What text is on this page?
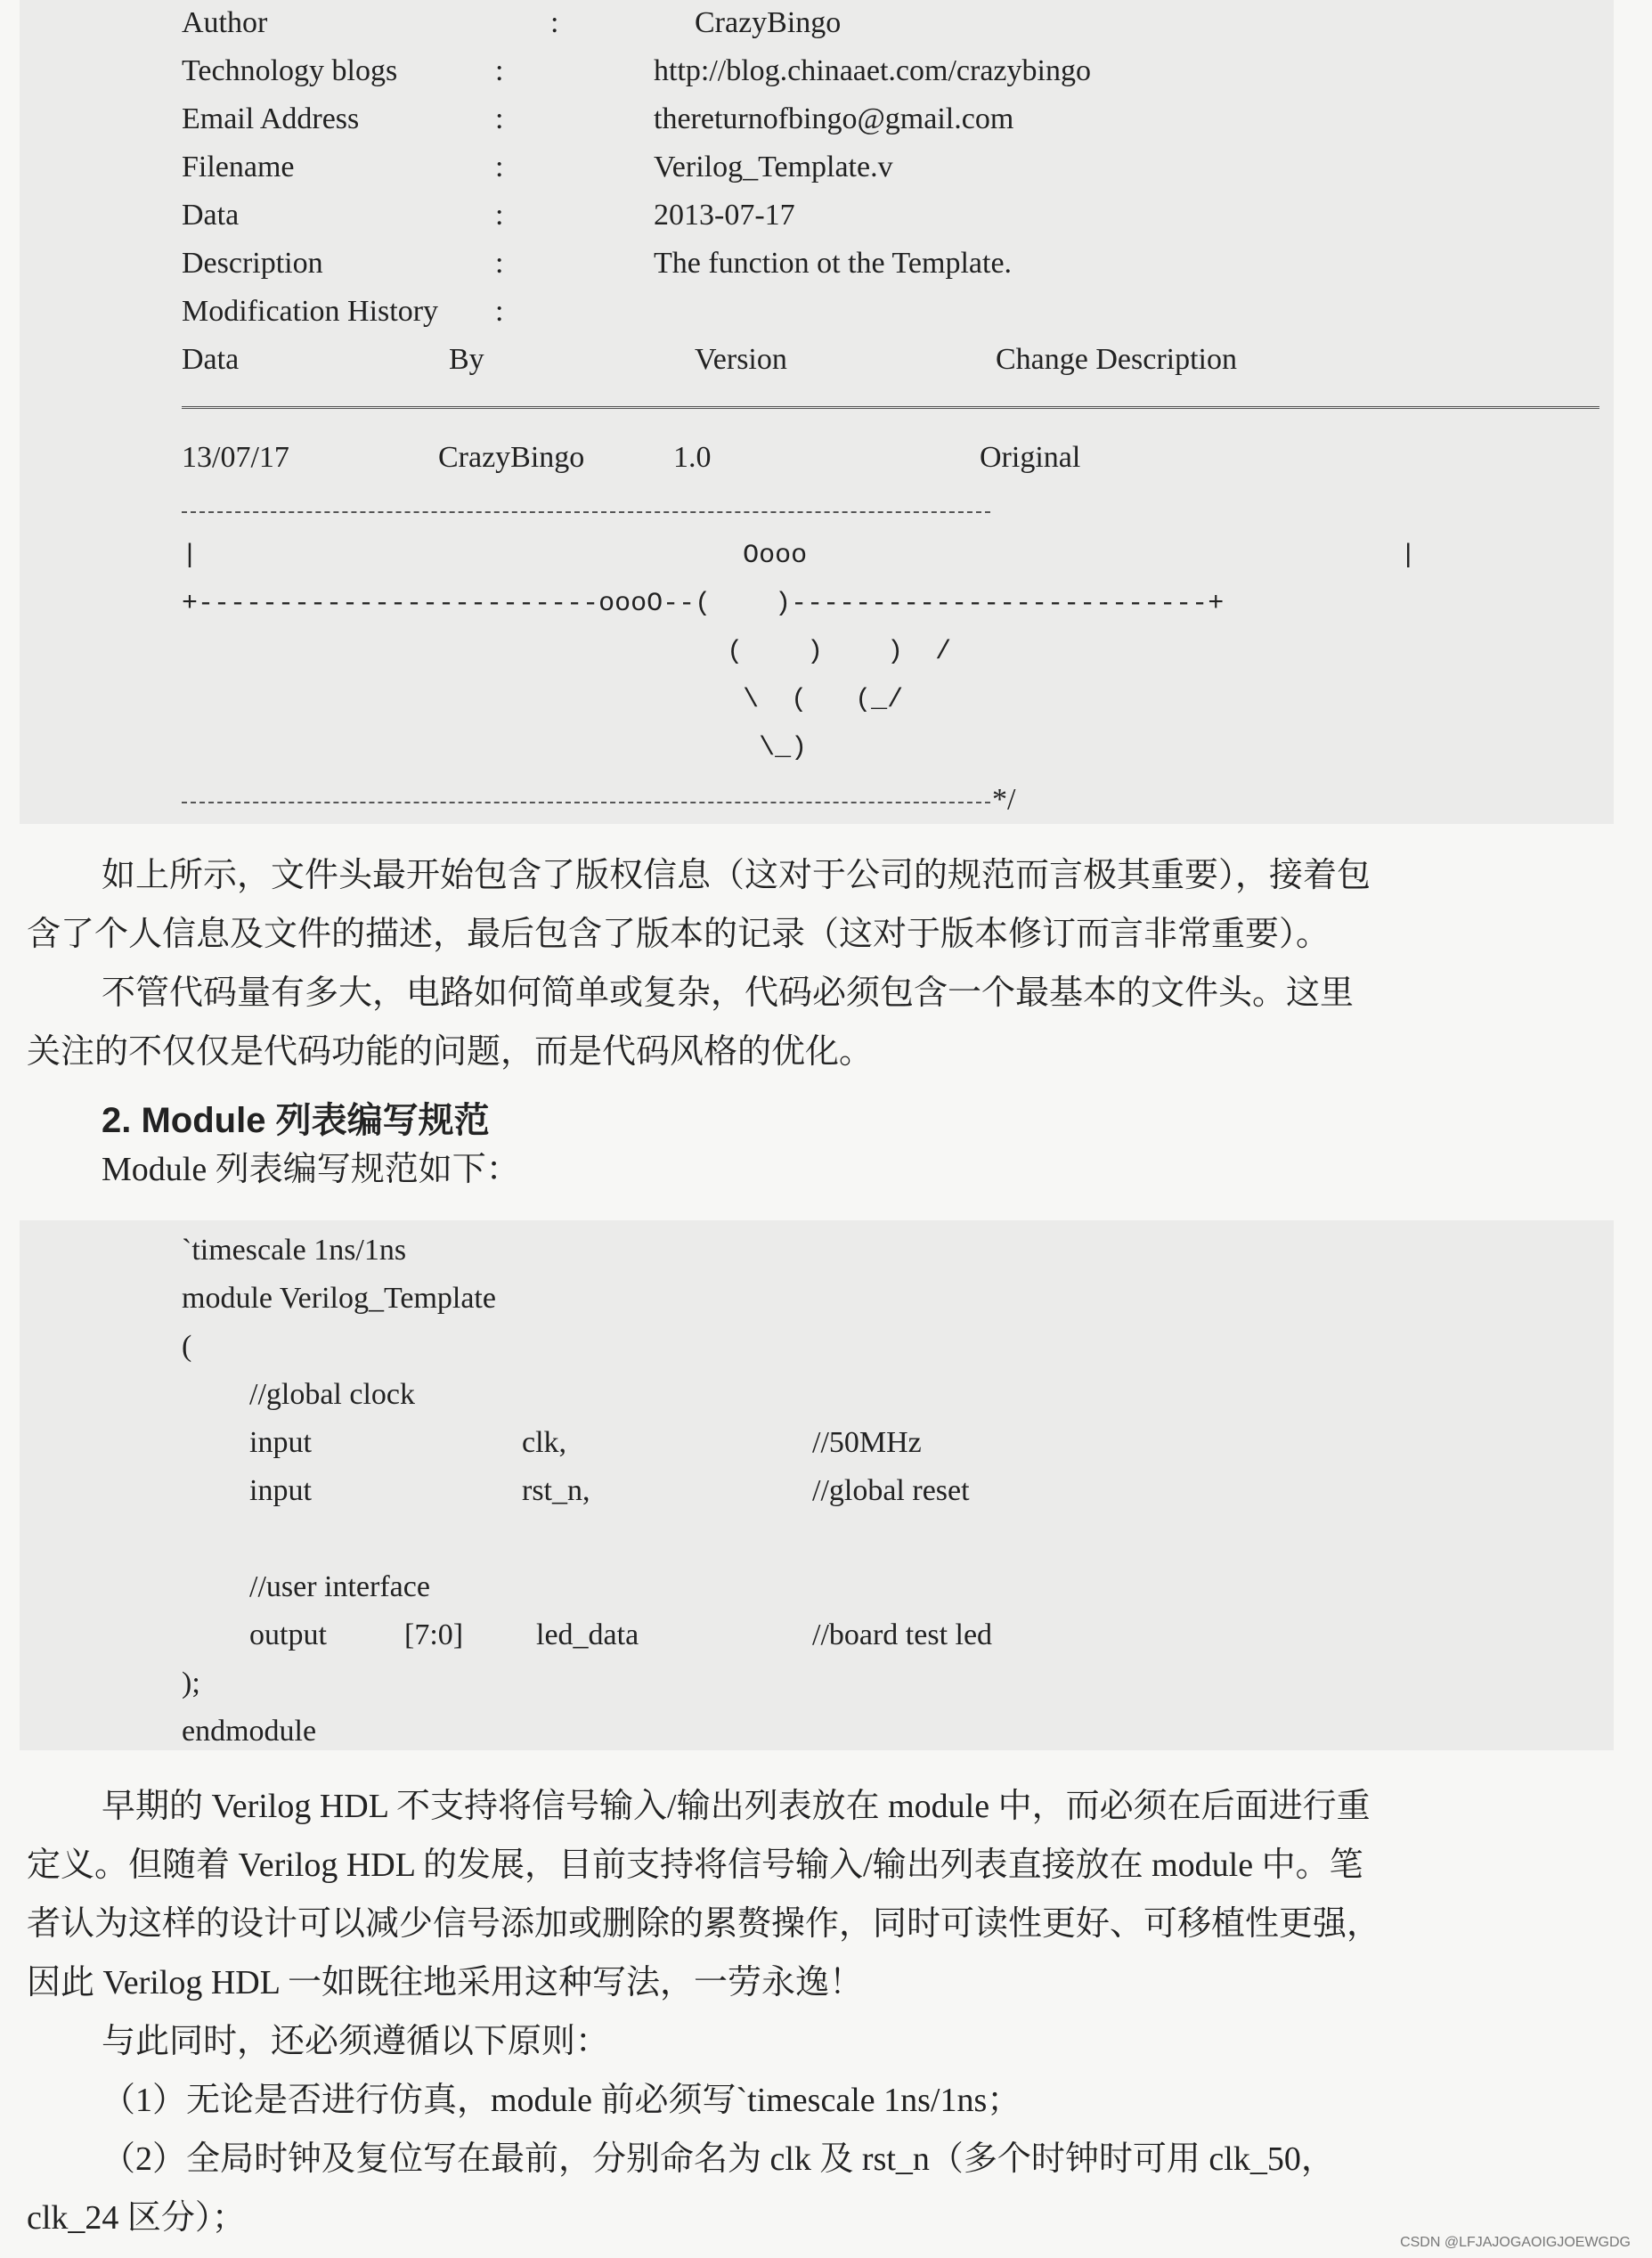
Author	:	CrazyBingo
Technology blogs	:	http://blog.chinaaet.com/crazybingo
Email Address	:	thereturnofbingo@gmail.com
Filename	:	Verilog_Template.v
Data	:	2013-07-17
Description	:	The function ot the Template.
Modification History :
Data	By	Version	Change Description
13/07/17	CrazyBingo	1.0	Original
|                                  Oooo                                     |
+-------------------------oooO--(    )--------------------------+
(    )    )  /
\  (   (_/
\_)
*/
如上所示，文件头最开始包含了版权信息（这对于公司的规范而言极其重要），接着包
含了个人信息及文件的描述，最后包含了版本的记录（这对于版本修订而言非常重要）。
不管代码量有多大，电路如何简单或复杂，代码必须包含一个最基本的文件头。这里
关注的不仅仅是代码功能的问题，而是代码风格的优化。
2. Module 列表编写规范
Module 列表编写规范如下：
`timescale 1ns/1ns
module Verilog_Template
(
//global clock
input	clk,	//50MHz
input	rst_n,	//global reset
//user interface
output	[7:0] led_data	//board test led
);
endmodule
早期的 Verilog HDL 不支持将信号输入/输出列表放在 module 中，而必须在后面进行重
定义。但随着 Verilog HDL 的发展，目前支持将信号输入/输出列表直接放在 module 中。笔
者认为这样的设计可以减少信号添加或删除的累赘操作，同时可读性更好、可移植性更强，
因此 Verilog HDL 一如既往地采用这种写法，一劳永逸！
与此同时，还必须遵循以下原则：
（1）无论是否进行仿真，module 前必须写`timescale 1ns/1ns；
（2）全局时钟及复位写在最前，分别命名为 clk 及 rst_n（多个时钟时可用 clk_50，
clk_24 区分）；
CSDN @LFJAJOGAOIGJOEWGDG
